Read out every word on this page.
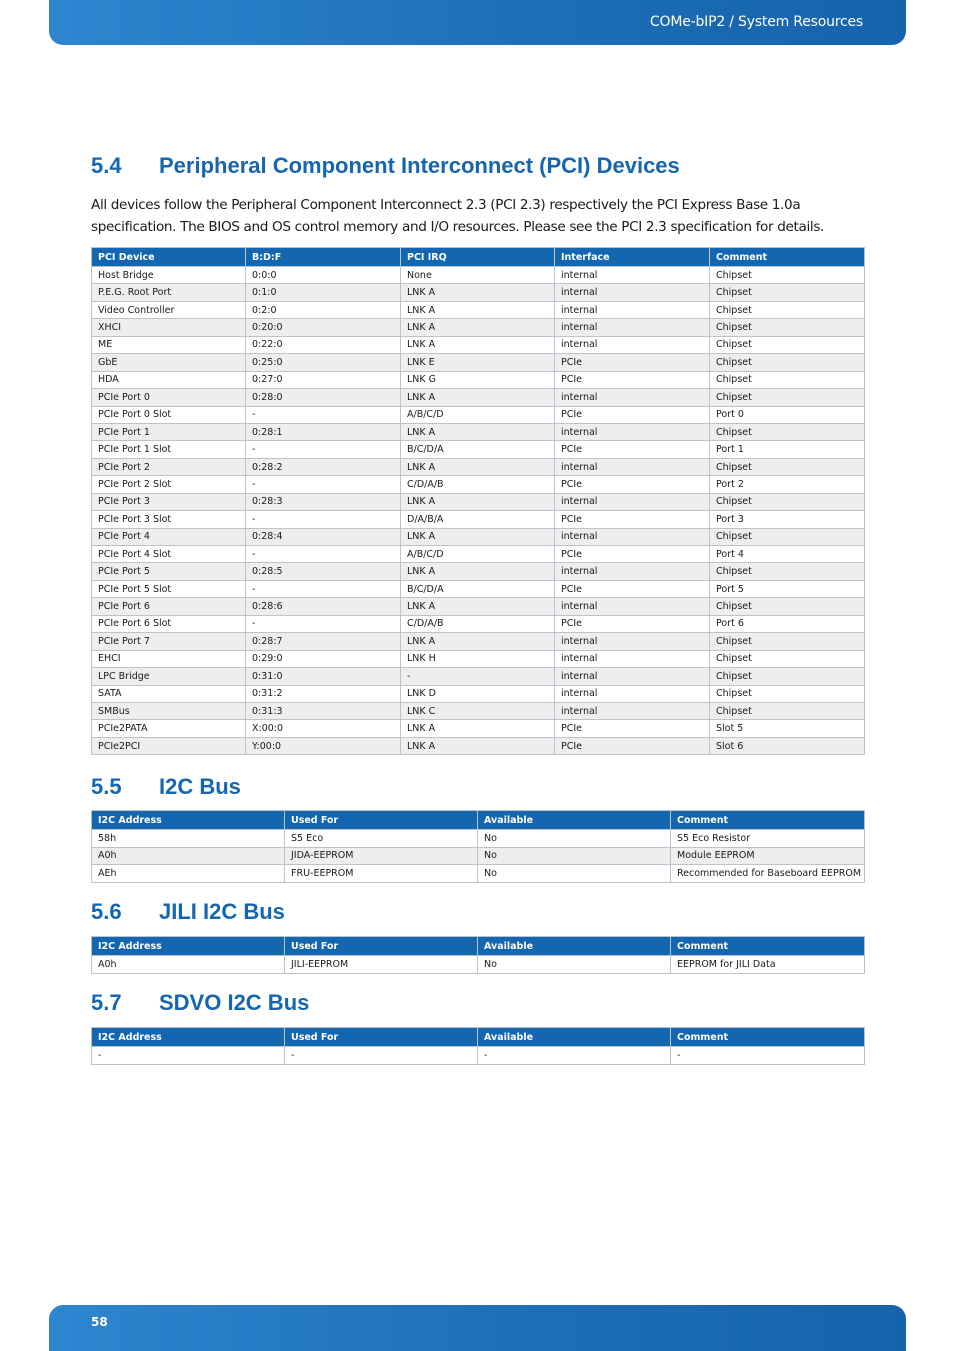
COMe-bIP2 / System Resources
5.4 Peripheral Component Interconnect (PCI) Devices

All devices follow the Peripheral Component Interconnect 2.3 (PCI 2.3) respectively the PCI Express Base 1.0a specification. The BIOS and OS control memory and I/O resources. Please see the PCI 2.3 specification for details.

PCI Device	B:D:F	PCI IRQ	Interface	Comment
Host Bridge	0:0:0	None	internal	Chipset
P.E.G. Root Port	0:1:0	LNK A	internal	Chipset
Video Controller	0:2:0	LNK A	internal	Chipset
XHCI	0:20:0	LNK A	internal	Chipset
ME	0:22:0	LNK A	internal	Chipset
GbE	0:25:0	LNK E	PCIe	Chipset
HDA	0:27:0	LNK G	PCIe	Chipset
PCIe Port 0	0:28:0	LNK A	internal	Chipset
PCIe Port 0 Slot	-	A/B/C/D	PCIe	Port 0
PCIe Port 1	0:28:1	LNK A	internal	Chipset
PCIe Port 1 Slot	-	B/C/D/A	PCIe	Port 1
PCIe Port 2	0:28:2	LNK A	internal	Chipset
PCIe Port 2 Slot	-	C/D/A/B	PCIe	Port 2
PCIe Port 3	0:28:3	LNK A	internal	Chipset
PCIe Port 3 Slot	-	D/A/B/A	PCIe	Port 3
PCIe Port 4	0:28:4	LNK A	internal	Chipset
PCIe Port 4 Slot	-	A/B/C/D	PCIe	Port 4
PCIe Port 5	0:28:5	LNK A	internal	Chipset
PCIe Port 5 Slot	-	B/C/D/A	PCIe	Port 5
PCIe Port 6	0:28:6	LNK A	internal	Chipset
PCIe Port 6 Slot	-	C/D/A/B	PCIe	Port 6
PCIe Port 7	0:28:7	LNK A	internal	Chipset
EHCI	0:29:0	LNK H	internal	Chipset
LPC Bridge	0:31:0	-	internal	Chipset
SATA	0:31:2	LNK D	internal	Chipset
SMBus	0:31:3	LNK C	internal	Chipset
PCIe2PATA	X:00:0	LNK A	PCIe	Slot 5
PCIe2PCI	Y:00:0	LNK A	PCIe	Slot 6
5.5 I2C Bus
I2C Address	Used For	Available	Comment
58h	S5 Eco	No	S5 Eco Resistor
A0h	JIDA-EEPROM	No	Module EEPROM
AEh	FRU-EEPROM	No	Recommended for Baseboard EEPROM
5.6 JILI I2C Bus
I2C Address	Used For	Available	Comment
A0h	JILI-EEPROM	No	EEPROM for JILI Data
5.7 SDVO I2C Bus
I2C Address	Used For	Available	Comment
-	-	-	-
58
